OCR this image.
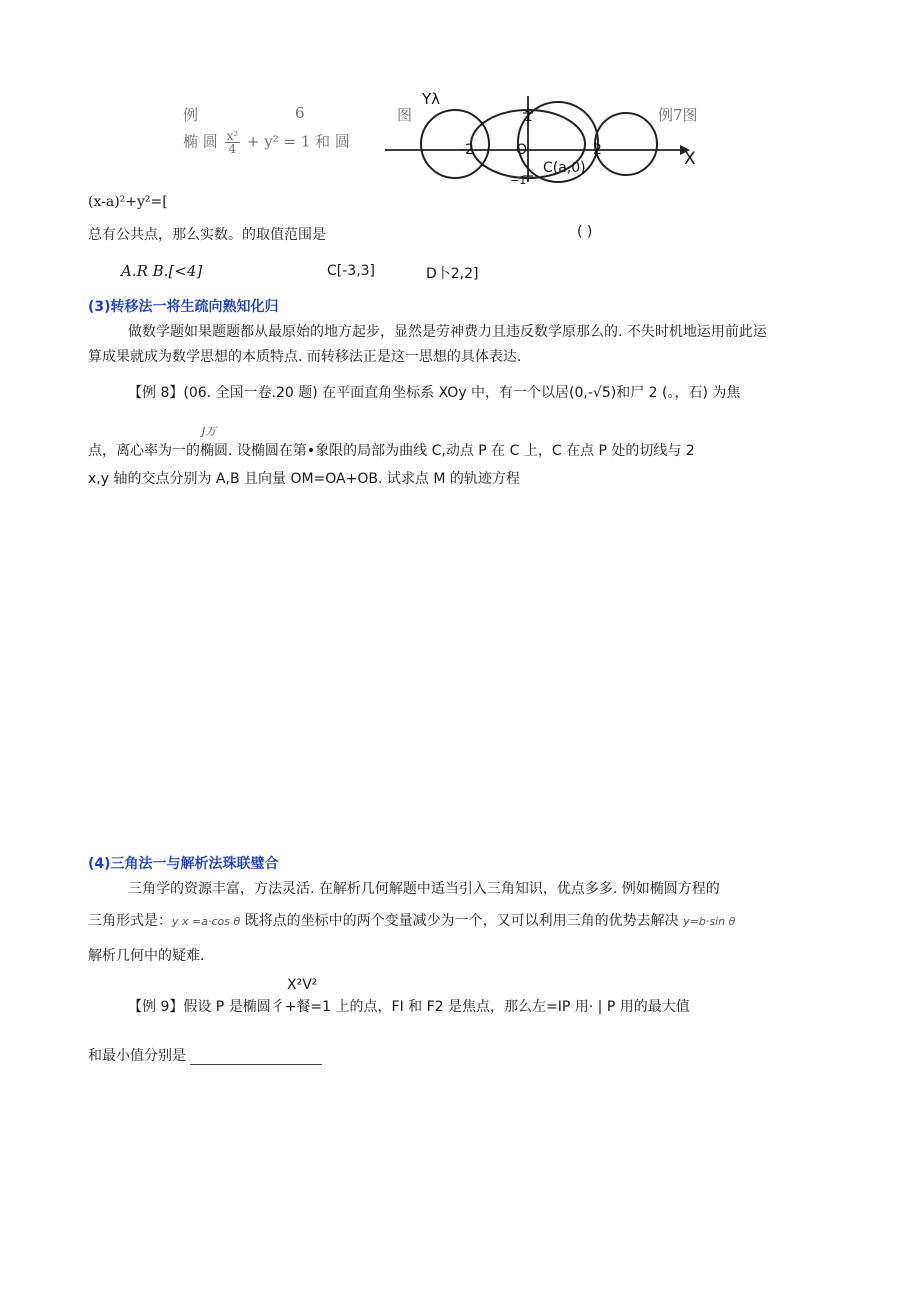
例	6	图	例7图
椭 圆 $\frac{\text{x²}}{4} + y^2 = 1$ 和 圆
Yλ
X
1
−1
-2	O	2
C(a,0)
(x-a)²+y²=[
总有公共点，那么实数。的取值范围是	( )
A.R B.[<4]	C[-3,3]	D卜2,2]
(3)转移法一将生疏向熟知化归
做数学题如果题题都从最原始的地方起步，显然是劳神费力且违反数学原那么的. 不失时机地运用前此运
算成果就成为数学思想的本质特点. 而转移法正是这一思想的具体表达.
【例 8】(06. 全国一卷.20 题) 在平面直角坐标系 XOy 中，有一个以居(0,-√5)和尸 2 (。，石) 为焦
J万
点，离心率为一的椭圆. 设椭圆在第•象限的局部为曲线 C,动点 P 在 C 上，C 在点 P 处的切线与 2
x,y 轴的交点分别为 A,B 且向量 OM=OA+OB. 试求点 M 的轨迹方程
(4)三角法一与解析法珠联璧合
三角学的资源丰富，方法灵活. 在解析几何解题中适当引入三角知识，优点多多. 例如椭圆方程的
三角形式是：y x =a·cos θ 既将点的坐标中的两个变量减少为一个，又可以利用三角的优势去解决 y=b·sin θ
解析几何中的疑难.
X²V²
【例 9】假设 P 是椭圆彳+餐=1 上的点，FI 和 F2 是焦点，那么左=IP 用· | P 用的最大值
和最小值分别是
